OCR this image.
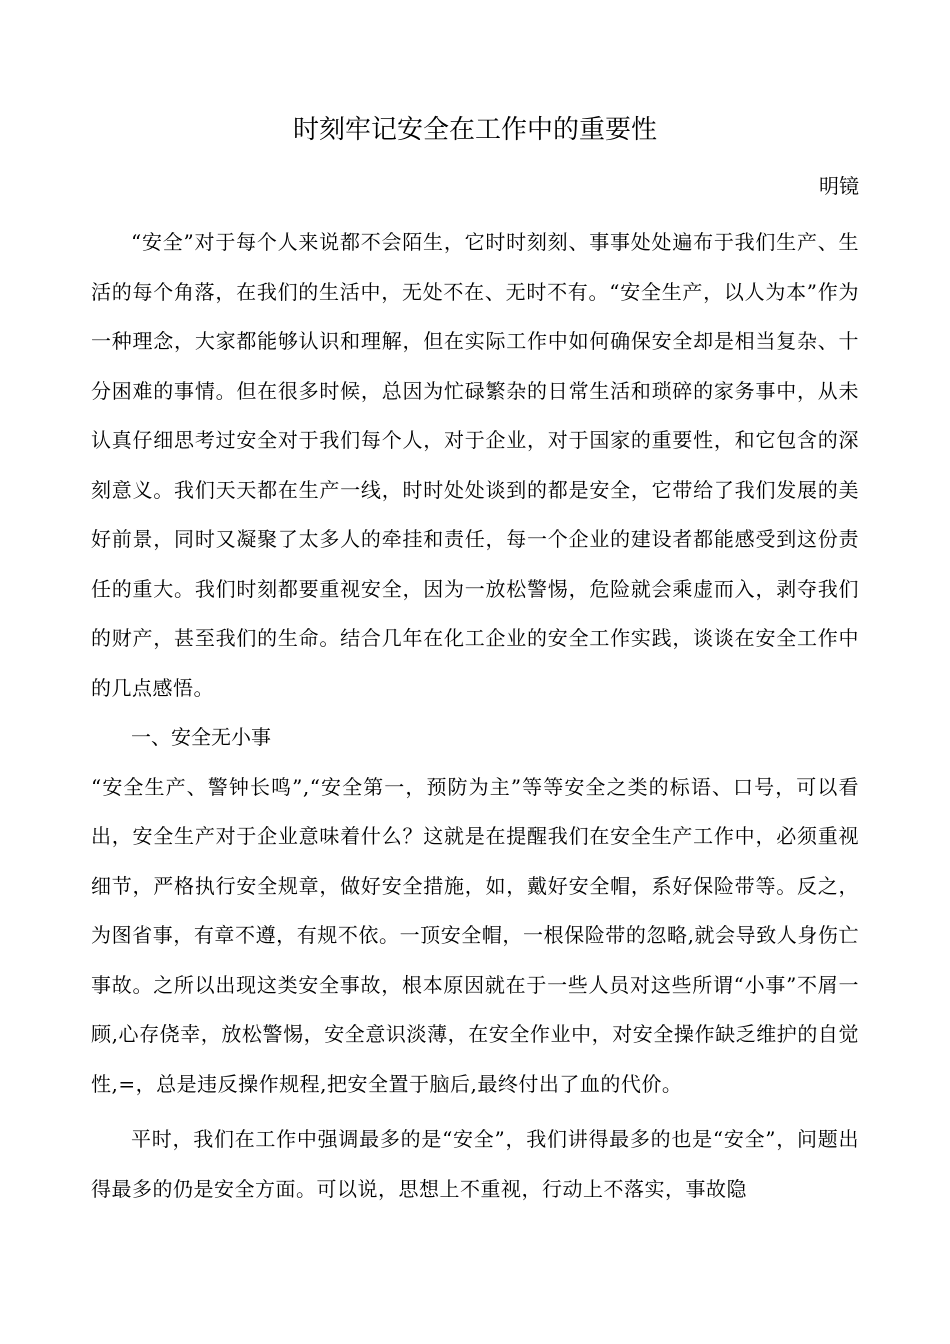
时刻牢记安全在工作中的重要性

明镜

“安全”对于每个人来说都不会陌生，它时时刻刻、事事处处遍布于我们生产、生活的每个角落，在我们的生活中，无处不在、无时不有。“安全生产，以人为本”作为一种理念，大家都能够认识和理解，但在实际工作中如何确保安全却是相当复杂、十分困难的事情。但在很多时候，总因为忙碌繁杂的日常生活和琐碎的家务事中，从未认真仔细思考过安全对于我们每个人，对于企业，对于国家的重要性，和它包含的深刻意义。我们天天都在生产一线，时时处处谈到的都是安全，它带给了我们发展的美好前景，同时又凝聚了太多人的牵挂和责任，每一个企业的建设者都能感受到这份责任的重大。我们时刻都要重视安全，因为一放松警惕，危险就会乘虚而入，剥夺我们的财产，甚至我们的生命。结合几年在化工企业的安全工作实践，谈谈在安全工作中的几点感悟。

一、安全无小事

“安全生产、警钟长鸣”,“安全第一，预防为主”等等安全之类的标语、口号，可以看出，安全生产对于企业意味着什么？这就是在提醒我们在安全生产工作中，必须重视细节，严格执行安全规章，做好安全措施，如，戴好安全帽，系好保险带等。反之，为图省事，有章不遵，有规不依。一顶安全帽，一根保险带的忽略,就会导致人身伤亡事故。之所以出现这类安全事故，根本原因就在于一些人员对这些所谓“小事”不屑一顾,心存侥幸，放松警惕，安全意识淡薄，在安全作业中，对安全操作缺乏维护的自觉性,=，总是违反操作规程,把安全置于脑后,最终付出了血的代价。

平时，我们在工作中强调最多的是“安全”，我们讲得最多的也是“安全”，问题出得最多的仍是安全方面。可以说，思想上不重视，行动上不落实，事故隐
